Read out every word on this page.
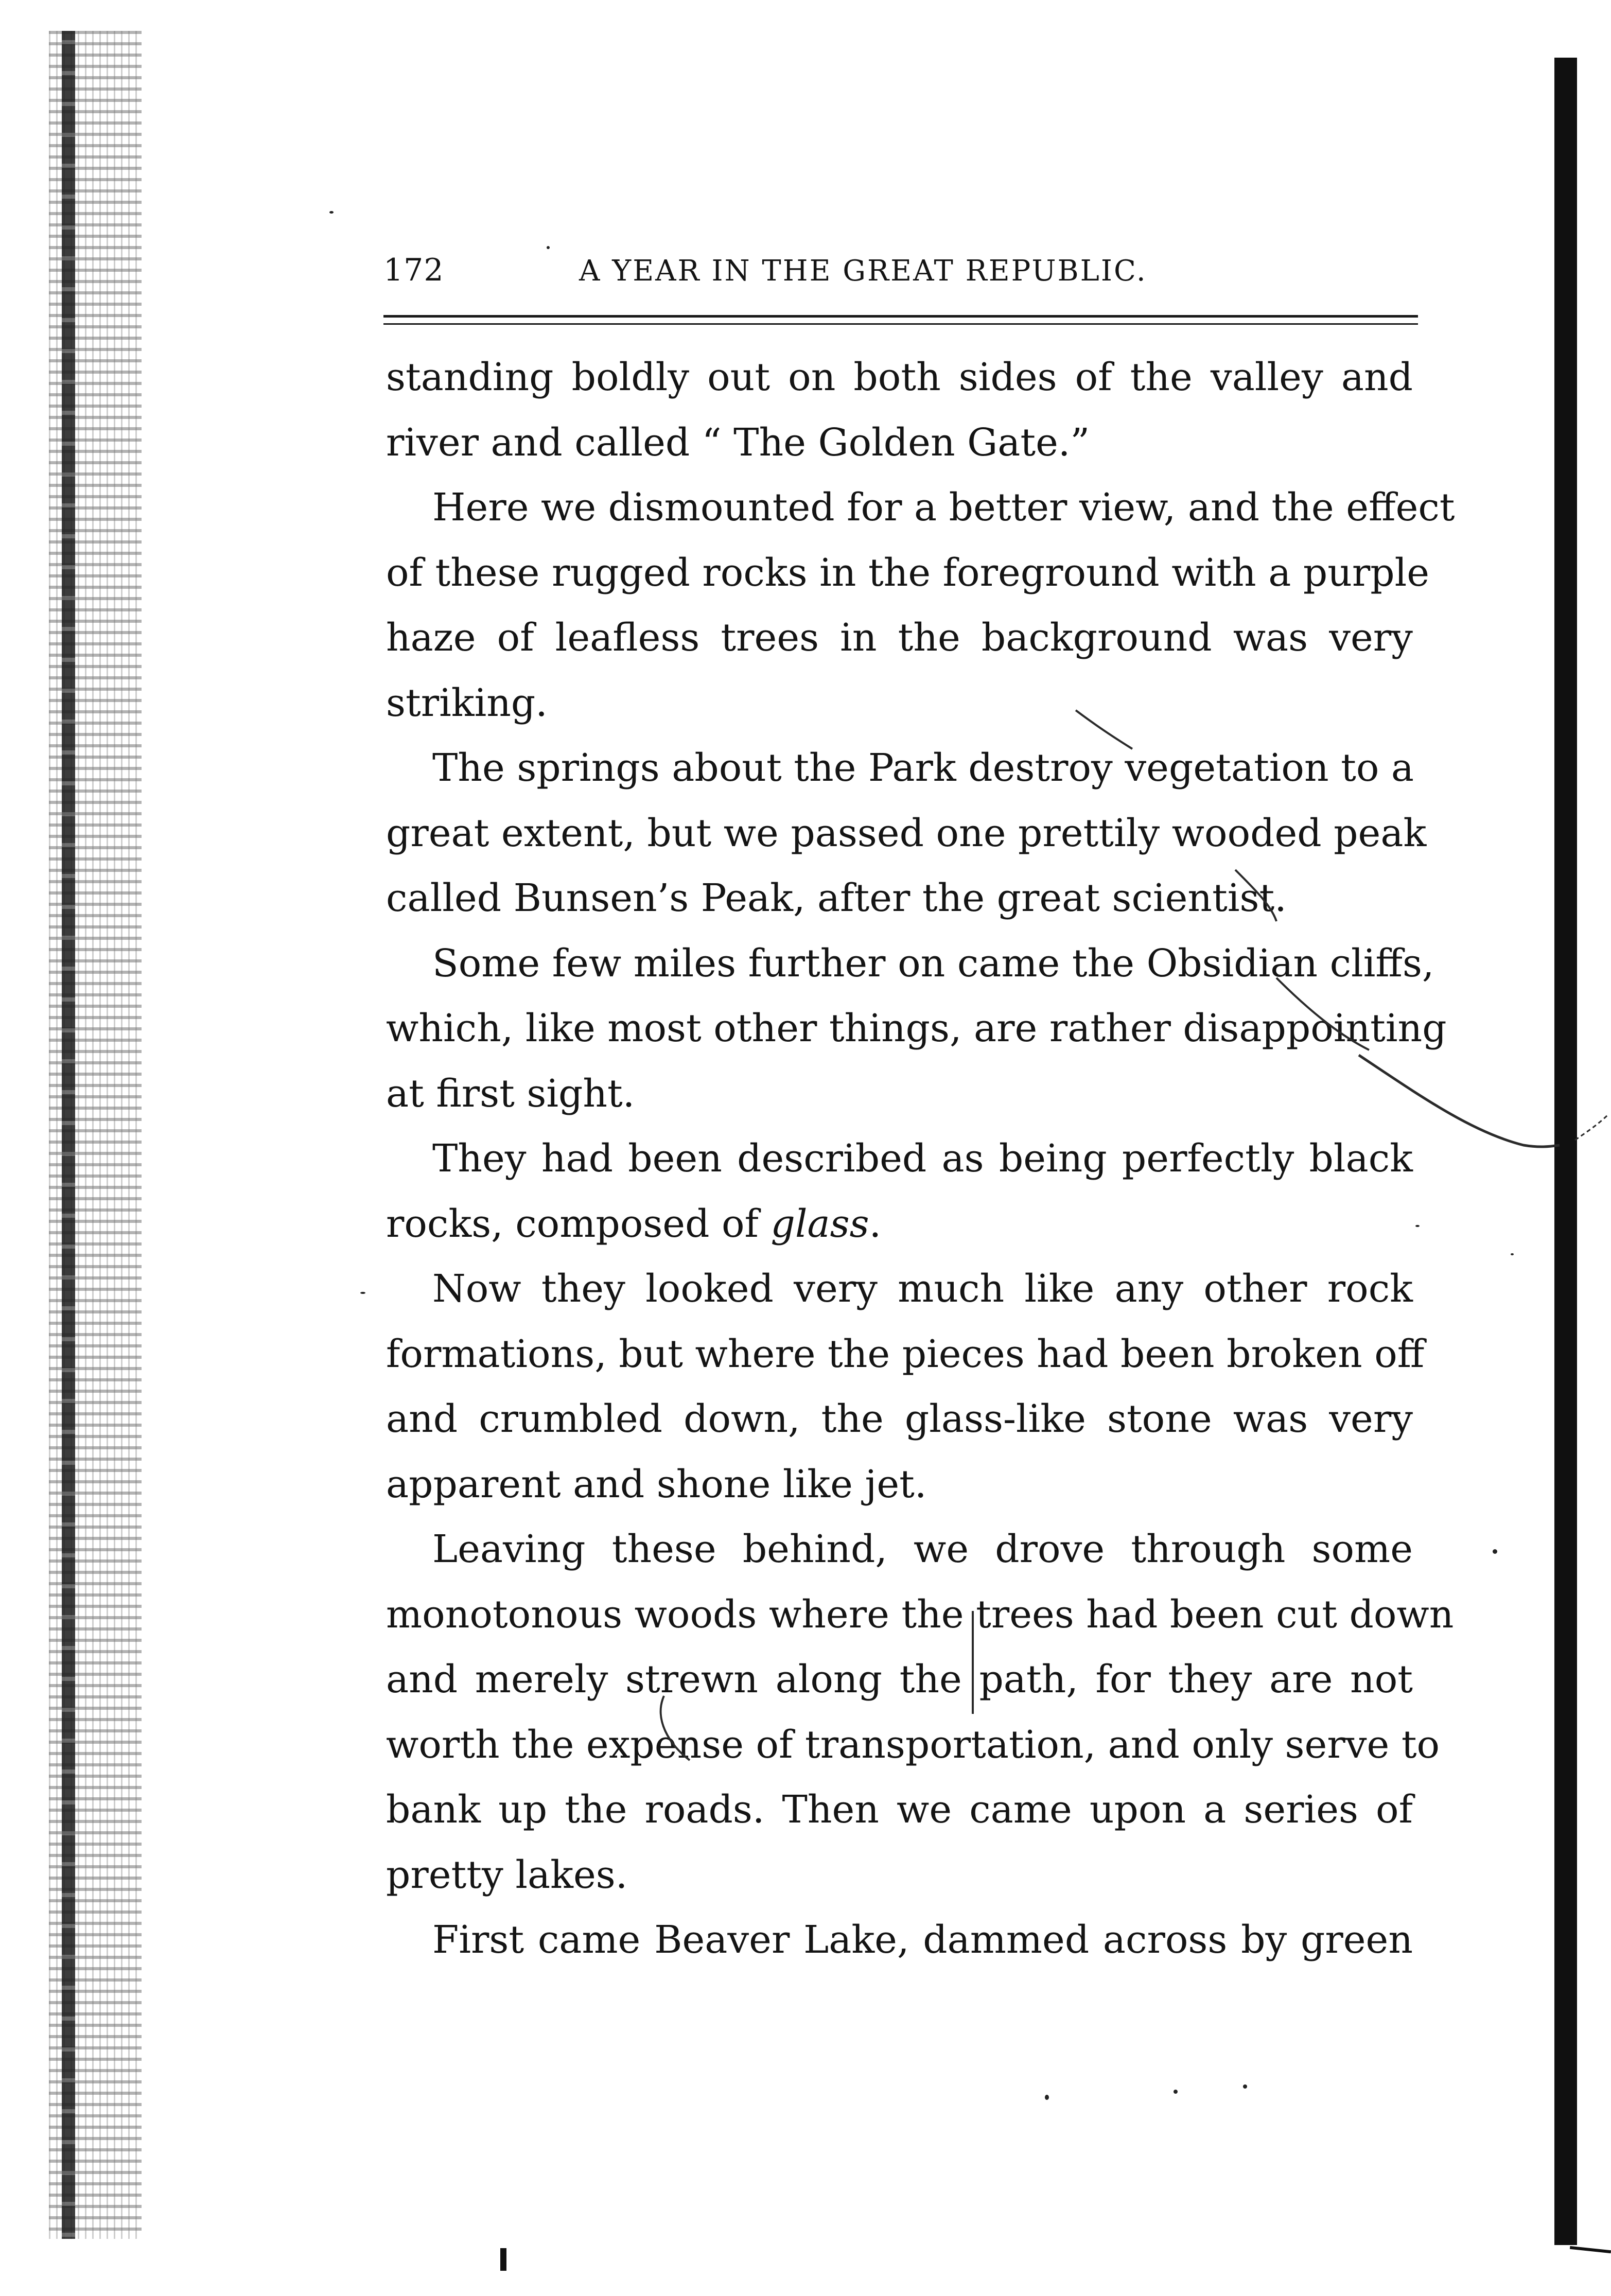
172	A YEAR IN THE GREAT REPUBLIC.
standing boldly out on both sides of the valley and
river and called “ The Golden Gate.”
Here we dismounted for a better view, and the effect
of these rugged rocks in the foreground with a purple
haze of leafless trees in the background was very
striking.
The springs about the Park destroy vegetation to a
great extent, but we passed one prettily wooded peak
called Bunsen’s Peak, after the great scientist.
Some few miles further on came the Obsidian cliffs,
which, like most other things, are rather disappointing
at first sight.
They had been described as being perfectly black
rocks, composed of glass.
Now they looked very much like any other rock
formations, but where the pieces had been broken off
and crumbled down, the glass-like stone was very
apparent and shone like jet.
Leaving these behind, we drove through some
monotonous woods where the trees had been cut down
and merely strewn along the path, for they are not
worth the expense of transportation, and only serve to
bank up the roads. Then we came upon a series of
pretty lakes.
First came Beaver Lake, dammed across by green
